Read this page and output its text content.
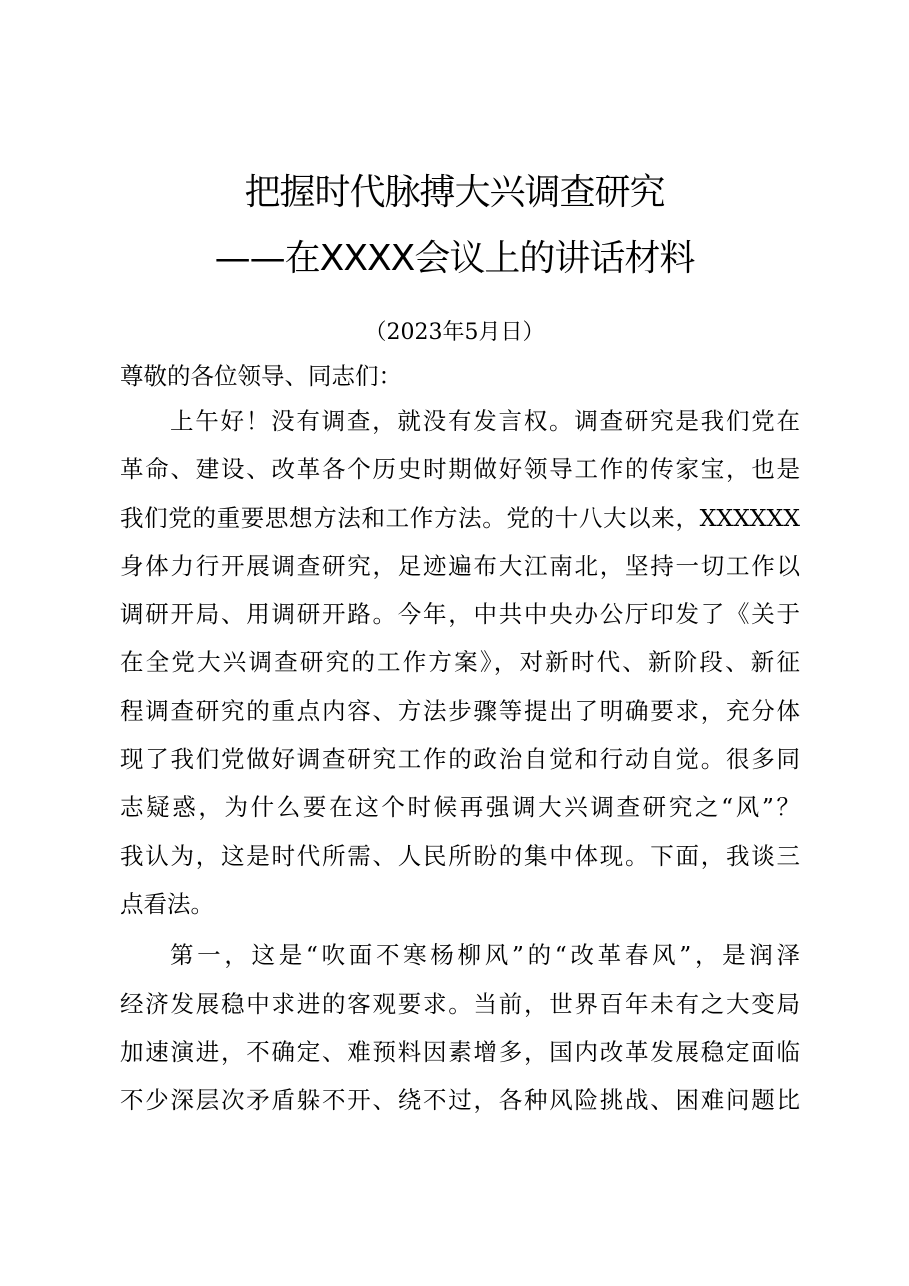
把握时代脉搏大兴调查研究
——在XXXX会议上的讲话材料
（2023年5月日）
尊敬的各位领导、同志们：
上午好！没有调查，就没有发言权。调查研究是我们党在
革命、建设、改革各个历史时期做好领导工作的传家宝，也是
我们党的重要思想方法和工作方法。党的十八大以来，XXXXXX
身体力行开展调查研究，足迹遍布大江南北，坚持一切工作以
调研开局、用调研开路。今年，中共中央办公厅印发了《关于
在全党大兴调查研究的工作方案》，对新时代、新阶段、新征
程调查研究的重点内容、方法步骤等提出了明确要求，充分体
现了我们党做好调查研究工作的政治自觉和行动自觉。很多同
志疑惑，为什么要在这个时候再强调大兴调查研究之“风”？
我认为，这是时代所需、人民所盼的集中体现。下面，我谈三
点看法。
第一，这是“吹面不寒杨柳风”的“改革春风”，是润泽
经济发展稳中求进的客观要求。当前，世界百年未有之大变局
加速演进，不确定、难预料因素增多，国内改革发展稳定面临
不少深层次矛盾躲不开、绕不过，各种风险挑战、困难问题比
